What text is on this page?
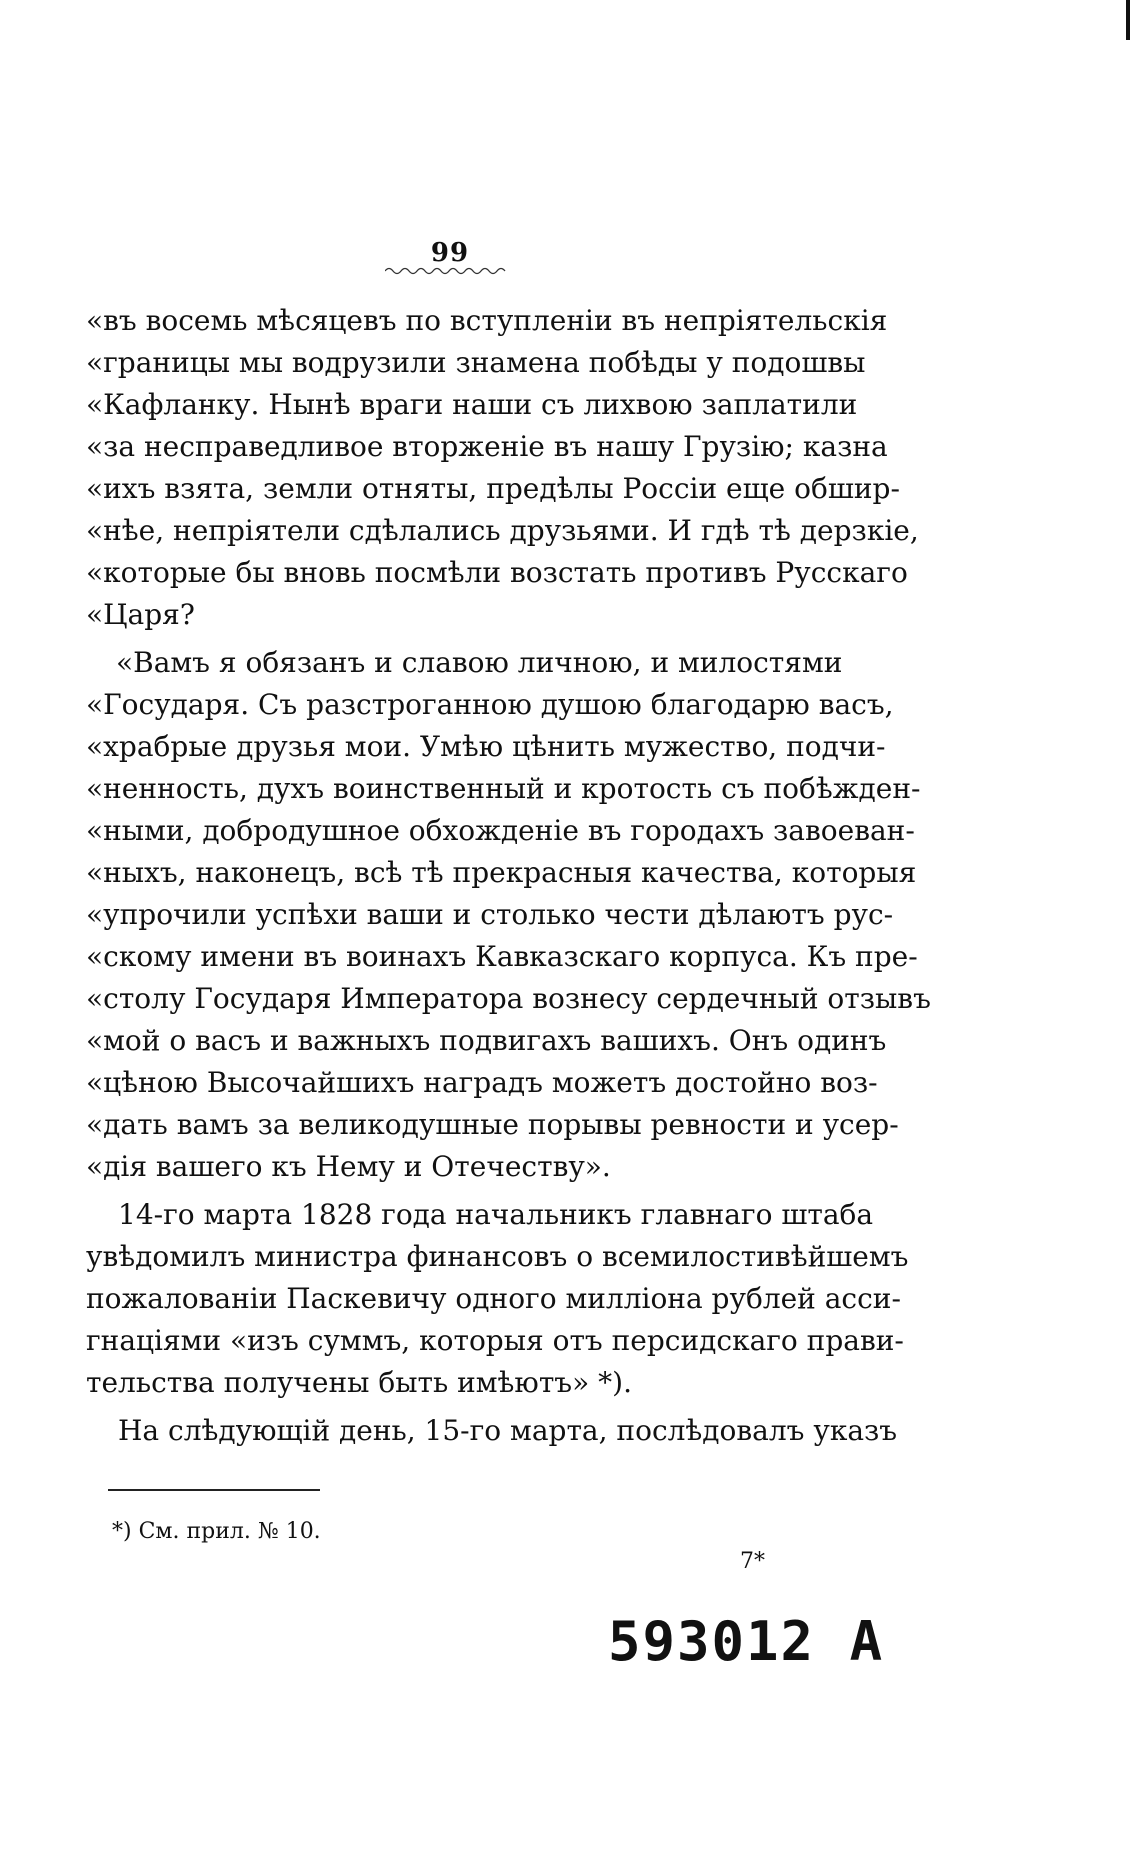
99
«въ восемь мѣсяцевъ по вступленіи въ непріятельскія
«границы мы водрузили знамена побѣды у подошвы
«Кафланку. Нынѣ враги наши съ лихвою заплатили
«за несправедливое вторженіе въ нашу Грузію; казна
«ихъ взята, земли отняты, предѣлы Россіи еще обшир-
«нѣе, непріятели сдѣлались друзьями. И гдѣ тѣ дерзкіе,
«которые бы вновь посмѣли возстать противъ Русскаго
«Царя?
«Вамъ я обязанъ и славою личною, и милостями
«Государя. Съ разстроганною душою благодарю васъ,
«храбрые друзья мои. Умѣю цѣнить мужество, подчи-
«ненность, духъ воинственный и кротость съ побѣжден-
«ными, добродушное обхожденіе въ городахъ завоеван-
«ныхъ, наконецъ, всѣ тѣ прекрасныя качества, которыя
«упрочили успѣхи ваши и столько чести дѣлаютъ рус-
«скому имени въ воинахъ Кавказскаго корпуса. Къ пре-
«столу Государя Императора вознесу сердечный отзывъ
«мой о васъ и важныхъ подвигахъ вашихъ. Онъ одинъ
«цѣною Высочайшихъ наградъ можетъ достойно воз-
«дать вамъ за великодушные порывы ревности и усер-
«дія вашего къ Нему и Отечеству».
14-го марта 1828 года начальникъ главнаго штаба
увѣдомилъ министра финансовъ о всемилостивѣйшемъ
пожалованіи Паскевичу одного милліона рублей асси-
гнаціями «изъ суммъ, которыя отъ персидскаго прави-
тельства получены быть имѣютъ» *).
На слѣдующій день, 15-го марта, послѣдовалъ указъ
*) См. прил. № 10.
7*
593012 A
